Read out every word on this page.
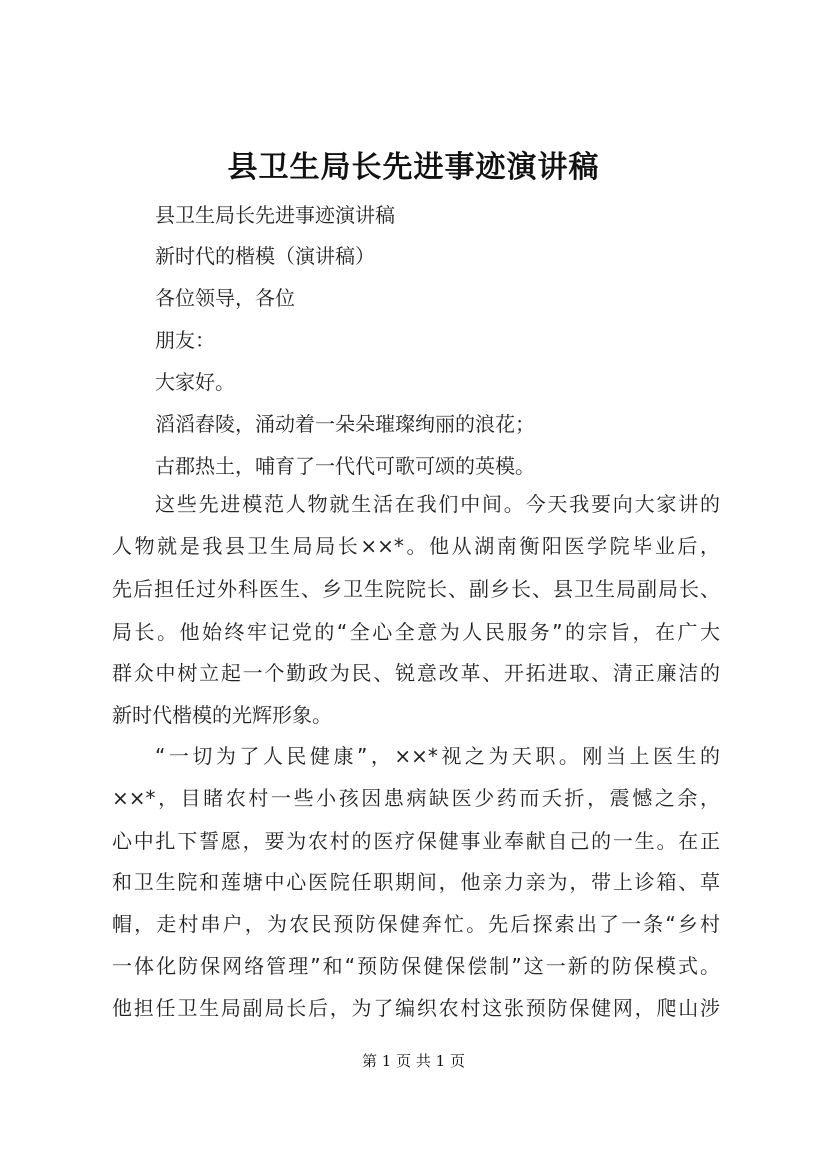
县卫生局长先进事迹演讲稿
县卫生局长先进事迹演讲稿
新时代的楷模（演讲稿）
各位领导，各位
朋友：
大家好。
滔滔舂陵，涌动着一朵朵璀璨绚丽的浪花；
古郡热土，哺育了一代代可歌可颂的英模。
这些先进模范人物就生活在我们中间。今天我要向大家讲的
人物就是我县卫生局局长××*。他从湖南衡阳医学院毕业后，
先后担任过外科医生、乡卫生院院长、副乡长、县卫生局副局长、
局长。他始终牢记党的“全心全意为人民服务”的宗旨，在广大
群众中树立起一个勤政为民、锐意改革、开拓进取、清正廉洁的
新时代楷模的光辉形象。
“一切为了人民健康”，××*视之为天职。刚当上医生的
××*，目睹农村一些小孩因患病缺医少药而夭折，震憾之余，
心中扎下誓愿，要为农村的医疗保健事业奉献自己的一生。在正
和卫生院和莲塘中心医院任职期间，他亲力亲为，带上诊箱、草
帽，走村串户，为农民预防保健奔忙。先后探索出了一条“乡村
一体化防保网络管理”和“预防保健保偿制”这一新的防保模式。
他担任卫生局副局长后，为了编织农村这张预防保健网，爬山涉
第 1 页 共 1 页
